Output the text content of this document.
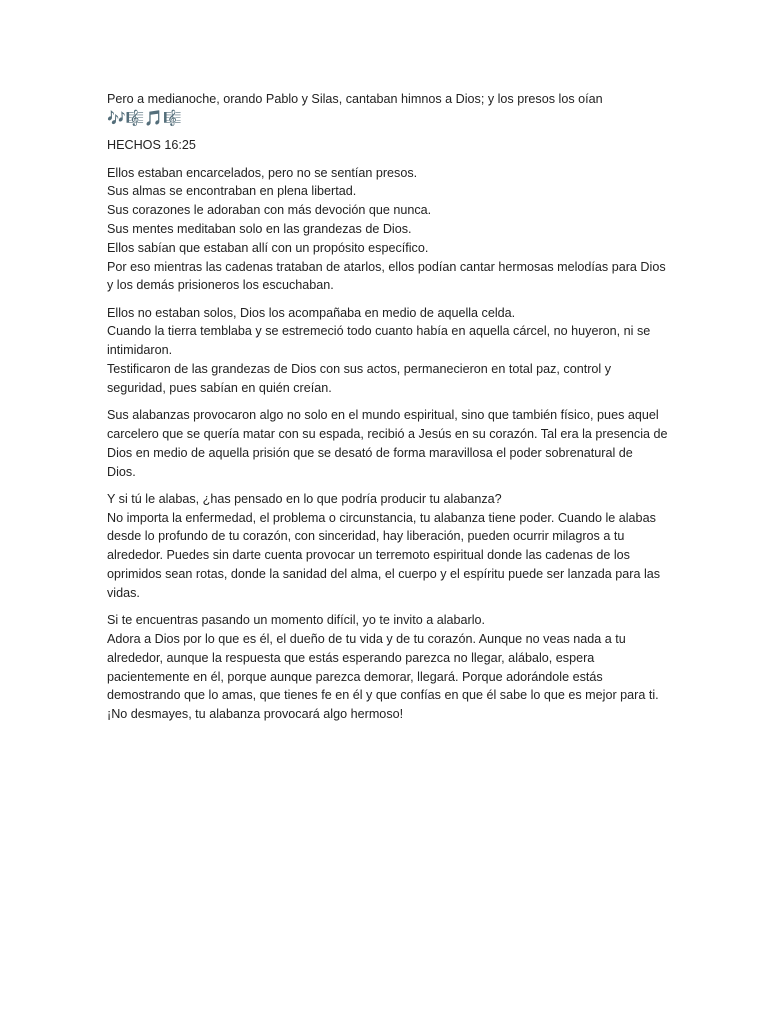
Pero a medianoche, orando Pablo y Silas, cantaban himnos a Dios; y los presos los oían
🎶🎼🎵🎼

HECHOS 16:25

Ellos estaban encarcelados, pero no se sentían presos.
Sus almas se encontraban en plena libertad.
Sus corazones le adoraban con más devoción que nunca.
Sus mentes meditaban solo en las grandezas de Dios.
Ellos sabían que estaban allí con un propósito específico.
Por eso mientras las cadenas trataban de atarlos, ellos podían cantar hermosas melodías para Dios
y los demás prisioneros los escuchaban.

Ellos no estaban solos, Dios los acompañaba en medio de aquella celda.
Cuando la tierra temblaba y se estremeció todo cuanto había en aquella cárcel, no huyeron, ni se
intimidaron.
Testificaron de las grandezas de Dios con sus actos, permanecieron en total paz, control y
seguridad, pues sabían en quién creían.

Sus alabanzas provocaron algo no solo en el mundo espiritual, sino que también físico, pues aquel
carcelero que se quería matar con su espada, recibió a Jesús en su corazón. Tal era la presencia de
Dios en medio de aquella prisión que se desató de forma maravillosa el poder sobrenatural de
Dios.

Y si tú le alabas, ¿has pensado en lo que podría producir tu alabanza?
No importa la enfermedad, el problema o circunstancia, tu alabanza tiene poder. Cuando le alabas
desde lo profundo de tu corazón, con sinceridad, hay liberación, pueden ocurrir milagros a tu
alrededor. Puedes sin darte cuenta provocar un terremoto espiritual donde las cadenas de los
oprimidos sean rotas, donde la sanidad del alma, el cuerpo y el espíritu puede ser lanzada para las
vidas.

Si te encuentras pasando un momento difícil, yo te invito a alabarlo.
Adora a Dios por lo que es él, el dueño de tu vida y de tu corazón. Aunque no veas nada a tu
alrededor, aunque la respuesta que estás esperando parezca no llegar, alábalo, espera
pacientemente en él, porque aunque parezca demorar, llegará. Porque adorándole estás
demostrando que lo amas, que tienes fe en él y que confías en que él sabe lo que es mejor para ti.
¡No desmayes, tu alabanza provocará algo hermoso!
